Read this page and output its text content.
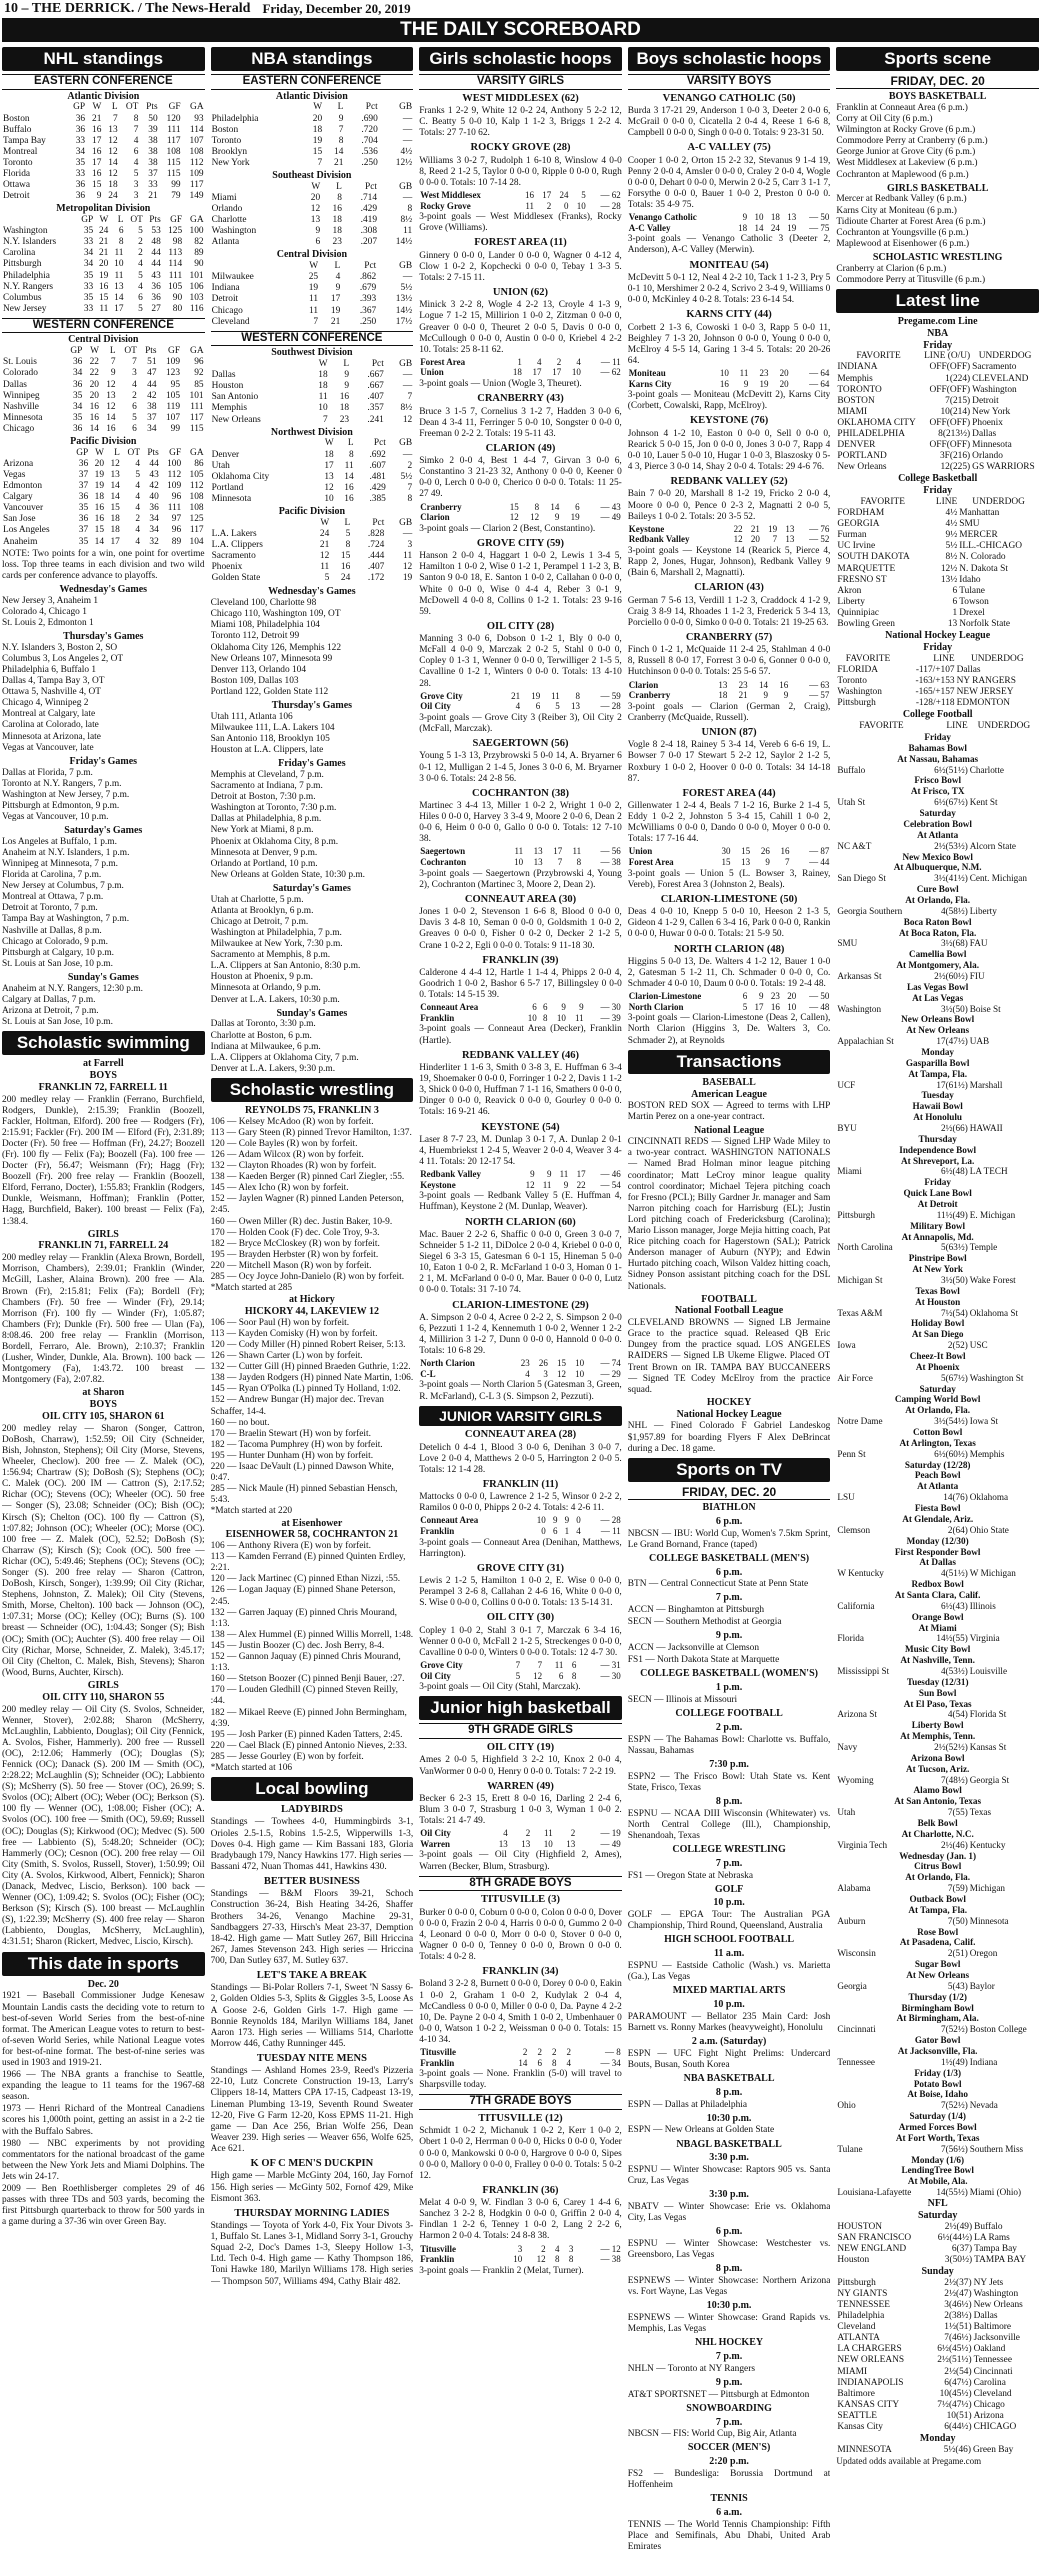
10 – THE DERRICK. / The News-Herald Friday, December 20, 2019
THE DAILY SCOREBOARD
NHL standings
EASTERN CONFERENCE
Atlantic Division
	GP	W	L	OT	Pts	GF	GA
Boston	36	21	7	8	50	120	93
Buffalo	36	16	13	7	39	111	114
Tampa Bay	33	17	12	4	38	117	107
Montreal	34	16	12	6	38	108	108
Toronto	35	17	14	4	38	115	112
Florida	33	16	12	5	37	115	109
Ottawa	36	15	18	3	33	99	117
Detroit	36	9	24	3	21	79	149
Metropolitan Division
	GP	W	L	OT	Pts	GF	GA
Washington	35	24	6	5	53	125	100
N.Y. Islanders	33	21	8	2	48	98	82
Carolina	34	21	11	2	44	113	89
Pittsburgh	34	20	10	4	44	114	90
Philadelphia	35	19	11	5	43	111	101
N.Y. Rangers	33	16	13	4	36	105	106
Columbus	35	15	14	6	36	90	103
New Jersey	33	11	17	5	27	80	116
WESTERN CONFERENCE
Central Division
	GP	W	L	OT	Pts	GF	GA
St. Louis	36	22	7	7	51	109	96
Colorado	34	22	9	3	47	123	92
Dallas	36	20	12	4	44	95	85
Winnipeg	35	20	13	2	42	105	101
Nashville	34	16	12	6	38	119	111
Minnesota	35	16	14	5	37	107	117
Chicago	36	14	16	6	34	99	115
Pacific Division
	GP	W	L	OT	Pts	GF	GA
Arizona	36	20	12	4	44	100	86
Vegas	37	19	13	5	43	112	105
Edmonton	37	19	14	4	42	109	112
Calgary	36	18	14	4	40	96	108
Vancouver	35	16	15	4	36	111	108
San Jose	36	16	18	2	34	97	125
Los Angeles	37	15	18	4	34	96	117
Anaheim	35	14	17	4	32	89	104
NOTE: Two points for a win, one point for overtime loss. Top three teams in each division and two wild cards per conference advance to playoffs.
Wednesday's Games
New Jersey 3, Anaheim 1
Colorado 4, Chicago 1
St. Louis 2, Edmonton 1
Thursday's Games
N.Y. Islanders 3, Boston 2, SO
Columbus 3, Los Angeles 2, OT
Philadelphia 6, Buffalo 1
Dallas 4, Tampa Bay 3, OT
Ottawa 5, Nashville 4, OT
Chicago 4, Winnipeg 2
Montreal at Calgary, late
Carolina at Colorado, late
Minnesota at Arizona, late
Vegas at Vancouver, late
Friday's Games
Dallas at Florida, 7 p.m.
Toronto at N.Y. Rangers, 7 p.m.
Washington at New Jersey, 7 p.m.
Pittsburgh at Edmonton, 9 p.m.
Vegas at Vancouver, 10 p.m.
Saturday's Games
Los Angeles at Buffalo, 1 p.m.
Anaheim at N.Y. Islanders, 1 p.m.
Winnipeg at Minnesota, 7 p.m.
Florida at Carolina, 7 p.m.
New Jersey at Columbus, 7 p.m.
Montreal at Ottawa, 7 p.m.
Detroit at Toronto, 7 p.m.
Tampa Bay at Washington, 7 p.m.
Nashville at Dallas, 8 p.m.
Chicago at Colorado, 9 p.m.
Pittsburgh at Calgary, 10 p.m.
St. Louis at San Jose, 10 p.m.
Sunday's Games
Anaheim at N.Y. Rangers, 12:30 p.m.
Calgary at Dallas, 7 p.m.
Arizona at Detroit, 7 p.m.
St. Louis at San Jose, 10 p.m.
Scholastic swimming
at Farrell
BOYS
FRANKLIN 72, FARRELL 11
200 medley relay — Franklin (Ferrano, Burchfield, Rodgers, Dunkle), 2:15.39; Franklin (Boozell, Fackler, Holtman, Elford). 200 free — Rodgers (Fr), 2:15.91; Fackler (Fr). 200 IM — Elford (Fr), 2:31.89; Docter (Fr). 50 free — Hoffman (Fr), 24.27; Boozell (Fr). 100 fly — Felix (Fa); Boozell (Fa). 100 free — Docter (Fr), 56.47; Weismann (Fr); Hagg (Fr); Boozell (Fr). 200 free relay — Franklin (Boozell, Elford, Ferrano, Docter), 1:55.83; Franklin (Rodgers, Dunkle, Weismann, Hoffman); Franklin (Potter, Hagg, Burchfield, Baker). 100 breast — Felix (Fa), 1:38.4.
GIRLS
FRANKLIN 71, FARRELL 24
200 medley relay — Franklin (Alexa Brown, Bordell, Morrison, Chambers), 2:39.01; Franklin (Winder, McGill, Lasher, Alaina Brown). 200 free — Ala. Brown (Fr), 2:15.81; Felix (Fa); Bordell (Fr); Chambers (Fr). 50 free — Winder (Fr), 29.14; Morrison (Fr). 100 fly — Winder (Fr), 1:05.87; Chambers (Fr); Dunkle (Fr). 500 free — Ulan (Fa), 8:08.46. 200 free relay — Franklin (Morrison, Bordell, Ferraro, Ale. Brown), 2:10.37; Franklin (Lusher, Winder, Dunkle, Ala. Brown). 100 back — Montgomery (Fa), 1:43.72. 100 breast — Montgomery (Fa), 2:07.82.
at Sharon
BOYS
OIL CITY 105, SHARON 61
200 medley relay — Sharon (Songer, Cattron, DoBosh, Charraw), 1:52.59; Oil City (Schneider, Bish, Johnston, Stephens); Oil City (Morse, Stevens, Wheeler, Checlow). 200 free — Z. Malek (OC), 1:56.94; Chartraw (S); DoBosh (S); Stephens (OC); C. Malek (OC). 200 IM — Cattron (S), 2:17.52; Richar (OC); Stevens (OC); Wheeler (OC). 50 free — Songer (S), 23.08; Schneider (OC); Bish (OC); Kirsch (S); Chelton (OC). 100 fly — Cattron (S), 1:07.82; Johnson (OC); Wheeler (OC); Morse (OC). 100 free — Z. Malek (OC), 52.52; DoBosh (S); Charraw (S); Kirsch (S); Cook (OC). 500 free — Richar (OC), 5:49.46; Stephens (OC); Stevens (OC); Songer (S). 200 free relay — Sharon (Cattron, DoBosh, Kirsch, Songer), 1:39.99; Oil City (Richar, Stephens, Johnston, Z. Malek); Oil City (Stevens, Smith, Morse, Chelton). 100 back — Johnson (OC), 1:07.31; Morse (OC); Kelley (OC); Burns (S). 100 breast — Schneider (OC), 1:04.43; Songer (S); Bish (OC); Smith (OC); Auchter (S). 400 free relay — Oil City (Richar, Morse, Schneider, Z. Malek), 3:45.17; Oil City (Chelton, C. Malek, Bish, Stevens); Sharon (Wood, Burns, Auchter, Kirsch).
GIRLS
OIL CITY 110, SHARON 55
200 medley relay — Oil City (S. Svolos, Schneider, Wenner, Stover), 2:02.88; Sharon (McSherry, McLaughlin, Labbiento, Douglas); Oil City (Fennick, A. Svolos, Fisher, Hammerly). 200 free — Russell (OC), 2:12.06; Hammerly (OC); Douglas (S); Fennick (OC); Danack (S). 200 IM — Smith (OC), 2:28.22; McLaughlin (S); Schneider (OC); Labbiento (S); McSherry (S). 50 free — Stover (OC), 26.99; S. Svolos (OC); Albert (OC); Weber (OC); Berkson (S). 100 fly — Wenner (OC), 1:08.00; Fisher (OC); A. Svolos (OC). 100 free — Smith (OC), 59.69; Russell (OC); Douglas (S); Kirkwood (OC); Medvec (S). 500 free — Labbiento (S), 5:48.20; Schneider (OC); Hammerly (OC); Cesnon (OC). 200 free relay — Oil City (Smith, S. Svolos, Russell, Stover), 1:50.99; Oil City (A. Svolos, Kirkwood, Albert, Fennick); Sharon (Danack, Medvec, Liscio, Berkson). 100 back — Wenner (OC), 1:09.42; S. Svolos (OC); Fisher (OC); Berkson (S); Kirsch (S). 100 breast — McLaughlin (S), 1:22.39; McSherry (S). 400 free relay — Sharon (Labbiento, Douglas, McSherry, McLaughlin), 4:31.51; Sharon (Rickert, Medvec, Liscio, Kirsch).
This date in sports
Dec. 20
1921 — Baseball Commissioner Judge Kenesaw Mountain Landis casts the deciding vote to return to best-of-seven World Series from the best-of-nine format. The American League votes to return to best-of-seven World Series, while National League votes for best-of-nine format. The best-of-nine series was used in 1903 and 1919-21.
1966 — The NBA grants a franchise to Seattle, expanding the league to 11 teams for the 1967-68 season.
1973 — Henri Richard of the Montreal Canadiens scores his 1,000th point, getting an assist in a 2-2 tie with the Buffalo Sabres.
1980 — NBC experiments by not providing commentators for the national broadcast of the game between the New York Jets and Miami Dolphins. The Jets win 24-17.
2009 — Ben Roethlisberger completes 29 of 46 passes with three TDs and 503 yards, becoming the first Pittsburgh quarterback to throw for 500 yards in a game during a 37-36 win over Green Bay.
NBA standings
EASTERN CONFERENCE
Atlantic Division
	W	L	Pct	GB
Philadelphia	20	9	.690	—
Boston	18	7	.720	—
Toronto	19	8	.704	—
Brooklyn	15	14	.536	4½
New York	7	21	.250	12½
Southeast Division
	W	L	Pct	GB
Miami	20	8	.714	—
Orlando	12	16	.429	8
Charlotte	13	18	.419	8½
Washington	9	18	.308	11
Atlanta	6	23	.207	14½
Central Division
	W	L	Pct	GB
Milwaukee	25	4	.862	—
Indiana	19	9	.679	5½
Detroit	11	17	.393	13½
Chicago	11	19	.367	14½
Cleveland	7	21	.250	17½
WESTERN CONFERENCE
Southwest Division
	W	L	Pct	GB
Dallas	18	9	.667	—
Houston	18	9	.667	—
San Antonio	11	16	.407	7
Memphis	10	18	.357	8½
New Orleans	7	23	.241	12
Northwest Division
	W	L	Pct	GB
Denver	18	8	.692	—
Utah	17	11	.607	2
Oklahoma City	13	14	.481	5½
Portland	12	16	.429	7
Minnesota	10	16	.385	8
Pacific Division
	W	L	Pct	GB
L.A. Lakers	24	5	.828	—
L.A. Clippers	21	8	.724	3
Sacramento	12	15	.444	11
Phoenix	11	16	.407	12
Golden State	5	24	.172	19
Wednesday's Games
Cleveland 100, Charlotte 98
Chicago 110, Washington 109, OT
Miami 108, Philadelphia 104
Toronto 112, Detroit 99
Oklahoma City 126, Memphis 122
New Orleans 107, Minnesota 99
Denver 113, Orlando 104
Boston 109, Dallas 103
Portland 122, Golden State 112
Thursday's Games
Utah 111, Atlanta 106
Milwaukee 111, L.A. Lakers 104
San Antonio 118, Brooklyn 105
Houston at L.A. Clippers, late
Friday's Games
Memphis at Cleveland, 7 p.m.
Sacramento at Indiana, 7 p.m.
Detroit at Boston, 7:30 p.m.
Washington at Toronto, 7:30 p.m.
Dallas at Philadelphia, 8 p.m.
New York at Miami, 8 p.m.
Phoenix at Oklahoma City, 8 p.m.
Minnesota at Denver, 9 p.m.
Orlando at Portland, 10 p.m.
New Orleans at Golden State, 10:30 p.m.
Saturday's Games
Utah at Charlotte, 5 p.m.
Atlanta at Brooklyn, 6 p.m.
Chicago at Detroit, 7 p.m.
Washington at Philadelphia, 7 p.m.
Milwaukee at New York, 7:30 p.m.
Sacramento at Memphis, 8 p.m.
L.A. Clippers at San Antonio, 8:30 p.m.
Houston at Phoenix, 9 p.m.
Minnesota at Orlando, 9 p.m.
Denver at L.A. Lakers, 10:30 p.m.
Sunday's Games
Dallas at Toronto, 3:30 p.m.
Charlotte at Boston, 6 p.m.
Indiana at Milwaukee, 6 p.m.
L.A. Clippers at Oklahoma City, 7 p.m.
Denver at L.A. Lakers, 9:30 p.m.
Scholastic wrestling
REYNOLDS 75, FRANKLIN 3
106 — Kelsey McAdoo (R) won by forfeit.
113 — Gary Steen (R) pinned Trevor Hamilton, 1:37.
120 — Cole Bayles (R) won by forfeit.
126 — Adam Wilcox (R) won by forfeit.
132 — Clayton Rhoades (R) won by forfeit.
138 — Kaeden Berger (R) pinned Carl Ziegler, :55.
145 — Alex Icho (R) won by forfeit.
152 — Jaylen Wagner (R) pinned Landen Peterson, 2:45.
160 — Owen Miller (R) dec. Justin Baker, 10-9.
170 — Holden Cook (F) dec. Cole Troy, 9-3.
182 — Bryce McCloskey (R) won by forfeit.
195 — Brayden Herbster (R) won by forfeit.
220 — Mitchell Mason (R) won by forfeit.
285 — Ocy Joyce John-Danielo (R) won by forfeit.
*Match started at 285
at Hickory
HICKORY 44, LAKEVIEW 12
106 — Soor Paul (H) won by forfeit.
113 — Kayden Comisky (H) won by forfeit.
120 — Cody Miller (H) pinned Robert Reiser, 5:13.
126 — Shawn Carter (L) won by forfeit.
132 — Cutter Gill (H) pinned Braeden Guthrie, 1:22.
138 — Jayden Rodgers (H) pinned Nate Martin, 1:06.
145 — Ryan O'Polka (L) pinned Ty Holland, 1:02.
152 — Andrew Bungar (H) major dec. Trevan Schaffer, 14-4.
160 — no bout.
170 — Braelin Stewart (H) won by forfeit.
182 — Tacoma Pumphrey (H) won by forfeit.
195 — Hunter Dunham (H) won by forfeit.
220 — Isaac DeVault (L) pinned Dawson White, 0:47.
285 — Nick Maule (H) pinned Sebastian Hensch, 5:43.
*Match started at 220
at Eisenhower
EISENHOWER 58, COCHRANTON 21
106 — Anthony Rivera (E) won by forfeit.
113 — Kamden Ferrand (E) pinned Quinten Erdley, 2:21.
120 — Jack Martinec (C) pinned Ethan Nizzi, :55.
126 — Logan Jaquay (E) pinned Shane Peterson, 2:45.
132 — Garren Jaquay (E) pinned Chris Mourand, 1:13.
138 — Alex Hummel (E) pinned Willis Morrell, 1:48.
145 — Justin Boozer (C) dec. Josh Berry, 8-4.
152 — Gannon Jaquay (E) pinned Chris Mourand, 1:13.
160 — Stetson Boozer (C) pinned Benji Bauer, :27.
170 — Louden Gledhill (C) pinned Steven Reilly, :44.
182 — Mikael Reeve (E) pinned John Bermingham, 4:39.
195 — Josh Parker (E) pinned Kaden Tatters, 2:45.
220 — Cael Black (E) pinned Antonio Nieves, 2:33.
285 — Jesse Gourley (E) won by forfeit.
*Match started at 106
Local bowling
LADYBIRDS
Standings — Towhees 4-0, Hummingbirds 3-1, Orioles 2.5-1.5, Robins 1.5-2.5, Wipperwills 1-3, Doves 0-4. High game — Kim Bassani 183, Gloria Bradybaugh 179, Nancy Hawkins 177. High series — Bassani 472, Nuan Thomas 441, Hawkins 430.
BETTER BUSINESS
Standings — B&M Floors 39-21, Schoch Construction 36-24, Bish Heating 34-26, Shaffer Brothers 34-26, Venango Machine 29-31, Sandbaggers 27-33, Hirsch's Meat 23-37, Demption 18-42. High game — Matt Sutley 267, Bill Hriccina 267, James Stevenson 243. High series — Hriccina 700, Dan Sutley 637, M. Sutley 637.
LET'S TAKE A BREAK
Standings — Bi-Polar Rollers 7-1, Sweet 'N Sassy 6-2, Golden Oldies 5-3, Splits & Giggles 3-5, Loose As A Goose 2-6, Golden Girls 1-7. High game — Bonnie Reynolds 184, Marilyn Williams 184, Janet Aaron 173. High series — Williams 514, Charlotte Morrow 446, Cathy Runninger 445.
TUESDAY NITE MENS
Standings — Ashland Homes 23-9, Reed's Pizzeria 22-10, Lutz Concrete Construction 19-13, Larry's Clippers 18-14, Matters CPA 17-15, Cadpeast 13-19, Lineman Plumbing 13-19, Seventh Round Sweater 12-20, Five G Farm 12-20, Koss EPMS 11-21. High game — Dan Ace 256, Brian Wolfe 256, Dean Weaver 239. High series — Weaver 656, Wolfe 625, Ace 621.
K OF C MEN'S DUCKPIN
High game — Marble McGinty 204, 160, Jay Fornof 156. High series — McGinty 502, Fornof 429, Mike Eismont 363.
THURSDAY MORNING LADIES
Standings — Toyota of York 4-0, Fix Your Divots 3-1, Buffalo St. Lanes 3-1, Midland Sorry 3-1, Grouchy Squad 2-2, Doc's Dames 1-3, Sleepy Hollow 1-3, Ltd. Tech 0-4. High game — Kathy Thompson 186, Toni Hawke 180, Marilyn Williams 178. High series — Thompson 507, Williams 494, Cathy Blair 482.
Girls scholastic hoops
VARSITY GIRLS
WEST MIDDLESEX (62)
Franks 1 2-2 9, White 12 0-2 24, Anthony 5 2-2 12, C. Beatty 5 0-0 10, Kalp 1 1-2 3, Briggs 1 2-2 4. Totals: 27 7-10 62.
ROCKY GROVE (28)
Williams 3 0-2 7, Rudolph 1 6-10 8, Winslow 4 0-0 8, Reed 2 1-2 5, Taylor 0 0-0 0, Ripple 0 0-0 0, Rugh 0 0-0 0. Totals: 10 7-14 28.
West Middlesex	16	17	24	5	— 62
Rocky Grove	11	2	0	10	— 28
3-point goals — West Middlesex (Franks), Rocky Grove (Williams).
FOREST AREA (11)
Ginnery 0 0-0 0, Lander 0 0-0 0, Wagner 0 4-12 4, Clow 1 0-2 2, Kopchecki 0 0-0 0, Tebay 1 3-3 5. Totals: 2 7-15 11.
UNION (62)
Minick 3 2-2 8, Wogle 4 2-2 13, Croyle 4 1-3 9, Logue 7 1-2 15, Millirion 1 0-0 2, Zitzman 0 0-0 0, Greaver 0 0-0 0, Theuret 2 0-0 5, Davis 0 0-0 0, McCullough 0 0-0 0, Austin 0 0-0 0, Kriebel 4 2-2 10. Totals: 25 8-11 62.
Forest Area	1	4	2	4	— 11
Union	18	17	17	10	— 62
3-point goals — Union (Wogle 3, Theuret).
CRANBERRY (43)
Bruce 3 1-5 7, Cornelius 3 1-2 7, Hadden 3 0-0 6, Dean 4 3-4 11, Ferringer 5 0-0 10, Songster 0 0-0 0, Freeman 0 2-2 2. Totals: 19 5-11 43.
CLARION (49)
Simko 2 0-0 4, Best 1 4-4 7, Girvan 3 0-0 6, Constantino 3 21-23 32, Anthony 0 0-0 0, Keener 0 0-0 0, Lerch 0 0-0 0, Cherico 0 0-0 0. Totals: 11 25-27 49.
Cranberry	15	8	14	6	— 43
Clarion	12	12	9	19	— 49
3-point goals — Clarion 2 (Best, Constantino).
GROVE CITY (59)
Hanson 2 0-0 4, Haggart 1 0-0 2, Lewis 1 3-4 5, Hamilton 1 0-0 2, Wise 0 1-2 1, Perampel 1 1-2 3, B. Santon 9 0-0 18, E. Santon 1 0-0 2, Callahan 0 0-0 0, White 0 0-0 0, Wise 0 4-4 4, Reber 3 0-1 9, McDowell 4 0-0 8, Collins 0 1-2 1. Totals: 23 9-16 59.
OIL CITY (28)
Manning 3 0-0 6, Dobson 0 1-2 1, Bly 0 0-0 0, McFall 4 0-0 9, Marczak 2 0-2 5, Stahl 0 0-0 0, Copley 0 1-3 1, Wenner 0 0-0 0, Terwilliger 2 1-5 5, Cavalline 0 1-2 1, Winters 0 0-0 0. Totals: 13 4-10 28.
Grove City	21	19	11	8	— 59
Oil City	4	6	5	13	— 28
3-point goals — Grove City 3 (Reiber 3), Oil City 2 (McFall, Marczak).
SAEGERTOWN (56)
Young 5 1-3 13, Przybrowski 5 0-0 14, A. Bryarner 6 0-1 12, Mulligan 2 1-4 5, Jones 3 0-0 6, M. Bryarner 3 0-0 6. Totals: 24 2-8 56.
COCHRANTON (38)
Martinec 3 4-4 13, Miller 1 0-2 2, Wright 1 0-0 2, Hiles 0 0-0 0, Harvey 3 3-4 9, Moore 2 0-0 6, Dean 2 0-0 6, Heim 0 0-0 0, Gallo 0 0-0 0. Totals: 12 7-10 38.
Saegertown	11	13	17	11	— 56
Cochranton	10	13	7	8	— 38
3-point goals — Saegertown (Przybrowski 4, Young 2), Cochranton (Martinec 3, Moore 2, Dean 2).
CONNEAUT AREA (30)
Jones 1 0-0 2, Stevenson 1 6-6 8, Blood 0 0-0 0, Davis 3 4-8 10, Seman 0 0-0 0, Goldsmith 1 0-0 2, Greaves 0 0-0 0, Fisher 0 0-2 0, Decker 2 1-2 5, Crane 1 0-2 2, Egli 0 0-0 0. Totals: 9 11-18 30.
FRANKLIN (39)
Calderone 4 4-4 12, Hartle 1 1-4 4, Phipps 2 0-0 4, Goodrich 1 0-0 2, Bashor 6 5-7 17, Billingsley 0 0-0 0. Totals: 14 5-15 39.
Conneaut Area	6	6	9	9	— 30
Franklin	10	8	10	11	— 39
3-point goals — Conneaut Area (Decker), Franklin (Hartle).
REDBANK VALLEY (46)
Hinderliter 1 1-6 3, Smith 0 3-8 3, E. Huffman 6 3-4 19, Shoemaker 0 0-0 0, Forringer 1 0-2 2, Davis 1 1-2 3, Shick 0 0-0 0, Huffman 7 1-1 16, Smathers 0 0-0 0, Dinger 0 0-0 0, Reavick 0 0-0 0, Gourley 0 0-0 0. Totals: 16 9-21 46.
KEYSTONE (54)
Laser 8 7-7 23, M. Dunlap 3 0-1 7, A. Dunlap 2 0-1 4, Huembriekst 1 2-4 5, Weaver 2 0-0 4, Weaver 3 4-4 11. Totals: 20 12-17 54.
Redbank Valley	9	9	11	17	— 46
Keystone	12	11	9	22	— 54
3-point goals — Redbank Valley 5 (E. Huffman 4, Huffman), Keystone 2 (M. Dunlap, Weaver).
NORTH CLARION (60)
Mac. Bauer 2 2-2 6, Shaffic 0 0-0 0, Green 3 0-0 7, Schneider 5 1-2 11, DiDolce 2 0-0 4, Kriebel 0 0-0 0, Siegel 6 3-3 15, Gatesman 6 0-1 15, Hineman 5 0-0 10, Eaton 1 0-0 2, R. McFarland 1 0-0 3, Homan 0 1-2 1, M. McFarland 0 0-0 0, Mar. Bauer 0 0-0 0, Lutz 0 0-0 0. Totals: 31 7-10 74.
CLARION-LIMESTONE (29)
A. Simpson 2 0-0 4, Acree 0 2-2 2, S. Simpson 2 0-0 6, Pezzuti 1 1-2 4, Kennemuth 1 0-0 2, Wenner 1 2-2 4, Millirion 3 1-2 7, Dunn 0 0-0 0, Hannold 0 0-0 0. Totals: 10 6-8 29.
North Clarion	23	26	15	10	— 74
C-L	4	3	12	10	— 29
3-point goals — North Clarion 5 (Gatesman 3, Green, R. McFarland), C-L 3 (S. Simpson 2, Pezzuti).
JUNIOR VARSITY GIRLS
CONNEAUT AREA (28)
Detelich 0 4-4 1, Blood 3 0-0 6, Denihan 3 0-0 7, Love 2 0-0 4, Matthews 2 0-0 5, Harrington 2 0-0 5. Totals: 12 1-4 28.
FRANKLIN (11)
Mattocks 0 0-0 0, Lawrence 2 1-2 5, Winsor 0 2-2 2, Ramilos 0 0-0 0, Phipps 2 0-2 4. Totals: 4 2-6 11.
Conneaut Area	10	9	9	0	— 28
Franklin	0	6	1	4	— 11
3-point goals — Conneaut Area (Denihan, Matthews, Harrington).
GROVE CITY (31)
Lewis 2 1-2 5, Hamilton 1 0-0 2, E. Wise 0 0-0 0, Perampel 3 2-6 8, Callahan 2 4-6 16, White 0 0-0 0, S. Wise 0 0-0 0, Collins 0 0-0 0. Totals: 13 5-14 31.
OIL CITY (30)
Copley 1 0-0 2, Stahl 3 0-1 7, Marczak 6 3-4 16, Wenner 0 0-0 0, McFall 2 1-2 5, Streckenges 0 0-0 0, Cavalline 0 0-0 0, Winters 0 0-0 0. Totals: 12 4-7 30.
Grove City	7	7	11	6	— 31
Oil City	5	12	6	8	— 30
3-point goals — Oil City (Stahl, Marczak).
Junior high basketball
9TH GRADE GIRLS
OIL CITY (19)
Ames 2 0-0 5, Highfield 3 2-2 10, Knox 2 0-0 4, VanWormer 0 0-0 0, Henry 0 0-0 0. Totals: 7 2-2 19.
WARREN (49)
Becker 6 2-3 15, Erett 8 0-0 16, Darling 2 2-4 6, Blum 3 0-0 7, Strasburg 1 0-0 3, Wyman 1 0-0 2. Totals: 21 4-7 49.
Oil City	4	2	11	2	— 19
Warren	13	13	10	13	— 49
3-point goals — Oil City (Highfield 2, Ames), Warren (Becker, Blum, Strasburg).
8TH GRADE BOYS
TITUSVILLE (3)
Burker 0 0-0 0, Coburn 0 0-0 0, Colon 0 0-0 0, Dover 0 0-0 0, Frazin 2 0-0 4, Harris 0 0-0 0, Gummo 2 0-0 4, Leonard 0 0-0 0, Morr 0 0-0 0, Stover 0 0-0 0, Wagner 0 0-0 0, Tenney 0 0-0 0, Brown 0 0-0 0. Totals: 4 0-2 8.
FRANKLIN (34)
Boland 3 2-2 8, Burnett 0 0-0 0, Dorey 0 0-0 0, Eakin 1 0-0 2, Graham 1 0-0 2, Kudylak 2 0-4 4, McCandless 0 0-0 0, Miller 0 0-0 0, Da. Payne 4 2-2 10, De. Payne 2 0-0 4, Smith 1 0-0 2, Umbenhauer 0 0-0 0, Watson 1 0-2 2, Weissman 0 0-0 0. Totals: 15 4-10 34.
Titusville	2	2	2	2	— 8
Franklin	14	6	8	4	— 34
3-point goals — None. Franklin (5-0) will travel to Sharpsville today.
7TH GRADE BOYS
TITUSVILLE (12)
Schmidt 1 0-2 2, Michanuk 1 0-2 2, Kerr 1 0-0 2, Obert 1 0-0 2, Herrman 0 0-0 0, Hicks 0 0-0 0, Yoder 0 0-0 0, Mankowski 0 0-0 0, Hargrove 0 0-0 0, Sipes 0 0-0 0, Mallory 0 0-0 0, Fralley 0 0-0 0. Totals: 5 0-2 12.
FRANKLIN (36)
Melat 4 0-0 9, W. Findlan 3 0-0 6, Carey 1 4-4 6, Sanchez 3 2-2 8, Hodgkin 0 0-0 0, Griffin 2 0-0 4, Findlan 1 2-2 6, Tenney 1 0-0 2, Lang 2 2-2 6, Harmon 2 0-0 4. Totals: 24 8-8 38.
Titusville	3	2	4	3	— 12
Franklin	10	12	8	8	— 38
3-point goals — Franklin 2 (Melat, Turner).
Boys scholastic hoops
VARSITY BOYS
VENANGO CATHOLIC (50)
Burda 3 17-21 29, Anderson 1 0-0 3, Deeter 2 0-0 6, McGrail 0 0-0 0, Cicatella 2 0-4 4, Reese 1 6-6 8, Campbell 0 0-0 0, Singh 0 0-0 0. Totals: 9 23-31 50.
A-C VALLEY (75)
Cooper 1 0-0 2, Orton 15 2-2 32, Stevanus 9 1-4 19, Penny 2 0-0 4, Amsler 0 0-0 0, Craley 2 0-0 4, Wogle 0 0-0 0, Dehart 0 0-0 0, Merwin 2 0-2 5, Carr 3 1-1 7, Forsythe 0 0-0 0, Bauer 1 0-0 2, Preston 0 0-0 0. Totals: 35 4-9 75.
Venango Catholic	9	10	18	13	— 50
A-C Valley	18	14	24	19	— 75
3-point goals — Venango Catholic 3 (Deeter 2, Anderson), A-C Valley (Merwin).
MONITEAU (54)
McDevitt 5 0-1 12, Neal 4 2-2 10, Tack 1 1-2 3, Pry 5 0-1 10, Mershimer 2 0-2 4, Scrivo 2 3-4 9, Williams 0 0-0 0, McKinley 4 0-2 8. Totals: 23 6-14 54.
KARNS CITY (44)
Corbett 2 1-3 6, Cowoski 1 0-0 3, Rapp 5 0-0 11, Beighley 7 1-3 20, Johnson 0 0-0 0, Young 0 0-0 0, McElroy 4 5-5 14, Garing 1 3-4 5. Totals: 20 20-26 64.
Moniteau	10	11	23	20	— 64
Karns City	16	9	19	20	— 64
3-point goals — Moniteau (McDevitt 2), Karns City (Corbett, Cowalski, Rapp, McElroy).
KEYSTONE (76)
Johnson 4 1-2 10, Easton 0 0-0 0, Sell 0 0-0 0, Rearick 5 0-0 15, Jon 0 0-0 0, Jones 3 0-0 7, Rapp 4 0-0 10, Lauer 5 0-0 10, Hugar 1 0-0 3, Blaszosky 0 5-4 3, Pierce 3 0-0 14, Shay 2 0-0 4. Totals: 29 4-6 76.
REDBANK VALLEY (52)
Bain 7 0-0 20, Marshall 8 1-2 19, Fricko 2 0-0 4, Moore 0 0-0 0, Pence 0 2-3 2, Magnatti 2 0-0 5, Baileys 1 0-0 2. Totals: 20 3-5 52.
Keystone	22	21	19	13	— 76
Redbank Valley	12	20	7	13	— 52
3-point goals — Keystone 14 (Rearick 5, Pierce 4, Rapp 2, Jones, Hugar, Johnson), Redbank Valley 9 (Bain 6, Marshall 2, Magnatti).
CLARION (43)
German 7 5-6 13, Verdill 1 1-2 3, Craddock 4 1-2 9, Craig 3 8-9 14, Rhoades 1 1-2 3, Frederick 5 3-4 13, Porciello 0 0-0 0, Simko 0 0-0 0. Totals: 21 19-25 63.
CRANBERRY (57)
Finch 0 1-2 1, McQuaide 11 2-4 25, Stahlman 4 0-0 8, Russell 8 0-0 17, Forrest 3 0-0 6, Gonner 0 0-0 0, Hutchinson 0 0-0 0. Totals: 25 5-6 57.
Clarion	13	23	14	16	— 63
Cranberry	18	21	9	9	— 57
3-point goals — Clarion (German 2, Craig), Cranberry (McQuaide, Russell).
UNION (87)
Vogle 8 2-4 18, Rainey 5 3-4 14, Vereb 6 6-6 19, L. Bowser 7 0-0 17 Stewart 5 2-2 12, Saylor 2 1-2 5, Roxbury 1 0-0 2, Hoover 0 0-0 0. Totals: 34 14-18 87.
FOREST AREA (44)
Gillenwater 1 2-4 4, Beals 7 1-2 16, Burke 2 1-4 5, Eddy 1 0-2 2, Johnston 5 3-4 15, Cahill 1 0-0 2, McWilliams 0 0-0 0, Dando 0 0-0 0, Moyer 0 0-0 0. Totals: 17 7-16 44.
Union	30	15	26	16	— 87
Forest Area	15	13	9	7	— 44
3-point goals — Union 5 (L. Bowser 3, Rainey, Vereb), Forest Area 3 (Johnston 2, Beals).
CLARION-LIMESTONE (50)
Deas 4 0-0 10, Knepp 5 0-0 10, Heeson 2 1-3 5, Gideon 4 1-2 9, Callen 6 3-4 16, Park 0 0-0 0, Rankin 0 0-0 0, Huwar 0 0-0 0. Totals: 21 5-9 50.
NORTH CLARION (48)
Higgins 5 0-0 13, De. Walters 4 1-2 12, Bauer 1 0-0 2, Gatesman 5 1-2 11, Ch. Schmader 0 0-0 0, Co. Schmader 4 0-0 10, Daum 0 0-0 0. Totals: 19 2-4 48.
Clarion-Limestone	6	9	23	20	— 50
North Clarion	5	17	16	10	— 48
3-point goals — Clarion-Limestone (Deas 2, Callen), North Clarion (Higgins 3, De. Walters 3, Co. Schmader 2), at Reynolds
Transactions
BASEBALL
American League
BOSTON RED SOX — Agreed to terms with LHP Martin Perez on a one-year contract.
National League
CINCINNATI REDS — Signed LHP Wade Miley to a two-year contract. WASHINGTON NATIONALS — Named Brad Holman minor league pitching coordinator; Matt LeCroy minor league quality control coordinator; Michael Tejera pitching coach for Fresno (PCL); Billy Gardner Jr. manager and Sam Narron pitching coach for Harrisburg (EL); Justin Lord pitching coach of Fredericksburg (Carolina); Mario Lisson manager, Jorge Mejia hitting coach, Pat Rice pitching coach for Hagerstown (SAL); Patrick Anderson manager of Auburn (NYP); and Edwin Hurtado pitching coach, Wilson Valdez hitting coach, Sidney Ponson assistant pitching coach for the DSL Nationals.
FOOTBALL
National Football League
CLEVELAND BROWNS — Signed LB Jermaine Grace to the practice squad. Released QB Eric Dungey from the practice squad. LOS ANGELES RAIDERS — Signed LB Ukeme Eligwe. Placed OT Trent Brown on IR. TAMPA BAY BUCCANEERS — Signed TE Codey McElroy from the practice squad.
HOCKEY
National Hockey League
NHL — Fined Colorado F Gabriel Landeskog $1,957.89 for boarding Flyers F Alex DeBrincat during a Dec. 18 game.
Sports on TV
FRIDAY, DEC. 20
BIATHLON
6 p.m.
NBCSN — IBU: World Cup, Women's 7.5km Sprint, Le Grand Bornand, France (taped)
COLLEGE BASKETBALL (MEN'S)
6 p.m.
BTN — Central Connecticut State at Penn State
7 p.m.
ACCN — Binghamton at Pittsburgh
SECN — Southern Methodist at Georgia
9 p.m.
ACCN — Jacksonville at Clemson
FS1 — North Dakota State at Marquette
COLLEGE BASKETBALL (WOMEN'S)
1 p.m.
SECN — Illinois at Missouri
COLLEGE FOOTBALL
2 p.m.
ESPN — The Bahamas Bowl: Charlotte vs. Buffalo, Nassau, Bahamas
7:30 p.m.
ESPN2 — The Frisco Bowl: Utah State vs. Kent State, Frisco, Texas
8 p.m.
ESPNU — NCAA DIII Wisconsin (Whitewater) vs. North Central College (Ill.), Championship, Shenandoah, Texas
COLLEGE WRESTLING
7 p.m.
FS1 — Oregon State at Nebraska
GOLF
10 p.m.
GOLF — EPGA Tour: The Australian PGA Championship, Third Round, Queensland, Australia
HIGH SCHOOL FOOTBALL
11 a.m.
ESPNU — Eastside Catholic (Wash.) vs. Marietta (Ga.), Las Vegas
MIXED MARTIAL ARTS
10 p.m.
PARAMOUNT — Bellator 235 Main Card: Josh Barnett vs. Ronny Markes (heavyweight), Honolulu
2 a.m. (Saturday)
ESPN — UFC Fight Night Prelims: Undercard Bouts, Busan, South Korea
NBA BASKETBALL
8 p.m.
ESPN — Dallas at Philadelphia
10:30 p.m.
ESPN — New Orleans at Golden State
NBAGL BASKETBALL
3:30 p.m.
ESPNU — Winter Showcase: Raptors 905 vs. Santa Cruz, Las Vegas
3:30 p.m.
NBATV — Winter Showcase: Erie vs. Oklahoma City, Las Vegas
6 p.m.
ESPNU — Winter Showcase: Westchester vs. Greensboro, Las Vegas
8 p.m.
ESPNEWS — Winter Showcase: Northern Arizona vs. Fort Wayne, Las Vegas
10:30 p.m.
ESPNEWS — Winter Showcase: Grand Rapids vs. Memphis, Las Vegas
NHL HOCKEY
7 p.m.
NHLN — Toronto at NY Rangers
9 p.m.
AT&T SPORTSNET — Pittsburgh at Edmonton
SNOWBOARDING
7 p.m.
NBCSN — FIS: World Cup, Big Air, Atlanta
SOCCER (MEN'S)
2:20 p.m.
FS2 — Bundesliga: Borussia Dortmund at Hoffenheim
TENNIS
6 a.m.
TENNIS — The World Tennis Championship: Fifth Place and Semifinals, Abu Dhabi, United Arab Emirates
Sports scene
FRIDAY, DEC. 20
BOYS BASKETBALL
Franklin at Conneaut Area (6 p.m.)
Corry at Oil City (6 p.m.)
Wilmington at Rocky Grove (6 p.m.)
Commodore Perry at Cranberry (6 p.m.)
George Junior at Grove City (6 p.m.)
West Middlesex at Lakeview (6 p.m.)
Cochranton at Maplewood (6 p.m.)
GIRLS BASKETBALL
Mercer at Redbank Valley (6 p.m.)
Karns City at Moniteau (6 p.m.)
Tidioute Charter at Forest Area (6 p.m.)
Cochranton at Youngsville (6 p.m.)
Maplewood at Eisenhower (6 p.m.)
SCHOLASTIC WRESTLING
Cranberry at Clarion (6 p.m.)
Commodore Perry at Titusville (6 p.m.)
Latest line
Pregame.com Line
NBA
Friday
FAVORITE	LINE (O/U)	UNDERDOG
INDIANA	OFF(OFF)	Sacramento
Memphis	1(224)	CLEVELAND
TORONTO	OFF(OFF)	Washington
BOSTON	7(215)	Detroit
MIAMI	10(214)	New York
OKLAHOMA CITY	OFF(OFF)	Phoenix
PHILADELPHIA	8(213½)	Dallas
DENVER	OFF(OFF)	Minnesota
PORTLAND	3F(216)	Orlando
New Orleans	12(225)	GS WARRIORS
College Basketball
Friday
FAVORITE	LINE	UNDERDOG
FORDHAM	4½	Manhattan
GEORGIA	4½	SMU
Furman	9½	MERCER
UC Irvine	5½	ILL.-CHICAGO
SOUTH DAKOTA	8½	N. Colorado
MARQUETTE	12½	N. Dakota St
FRESNO ST	13½	Idaho
Akron	6	Tulane
Liberty	6	Towson
Quinnipiac	1	Drexel
Bowling Green	13	Norfolk State
National Hockey League
Friday
FAVORITE	LINE	UNDERDOG
FLORIDA	-117/+107	Dallas
Toronto	-163/+153	NY RANGERS
Washington	-165/+157	NEW JERSEY
Pittsburgh	-128/+118	EDMONTON
College Football
FAVORITE	LINE	UNDERDOG
Friday		
Bahamas Bowl		
At Nassau, Bahamas		
Buffalo	6½(51½)	Charlotte
Frisco Bowl		
At Frisco, TX		
Utah St	6½(67½)	Kent St
Saturday		
Celebration Bowl		
At Atlanta		
NC A&T	2½(53½)	Alcorn State
New Mexico Bowl		
At Albuquerque, N.M.		
San Diego St	3½(41½)	Cent. Michigan
Cure Bowl		
At Orlando, Fla.		
Georgia Southern	4(58½)	Liberty
Boca Raton Bowl		
At Boca Raton, Fla.		
SMU	3½(68)	FAU
Camellia Bowl		
At Montgomery, Ala.		
Arkansas St	2½(60½)	FIU
Las Vegas Bowl		
At Las Vegas		
Washington	3½(50)	Boise St
New Orleans Bowl		
At New Orleans		
Appalachian St	17(47½)	UAB
Monday		
Gasparilla Bowl		
At Tampa, Fla.		
UCF	17(61½)	Marshall
Tuesday		
Hawaii Bowl		
At Honolulu		
BYU	2½(66)	HAWAII
Thursday		
Independence Bowl		
At Shreveport, La.		
Miami	6½(48)	LA TECH
Friday		
Quick Lane Bowl		
At Detroit		
Pittsburgh	11½(49)	E. Michigan
Military Bowl		
At Annapolis, Md.		
North Carolina	5(63½)	Temple
Pinstripe Bowl		
At New York		
Michigan St	3½(50)	Wake Forest
Texas Bowl		
At Houston		
Texas A&M	7½(54)	Oklahoma St
Holiday Bowl		
At San Diego		
Iowa	2(52)	USC
Cheez-It Bowl		
At Phoenix		
Air Force	5(67½)	Washington St
Saturday		
Camping World Bowl		
At Orlando, Fla.		
Notre Dame	3½(54½)	Iowa St
Cotton Bowl		
At Arlington, Texas		
Penn St	6½(60½)	Memphis
Saturday (12/28)		
Peach Bowl		
At Atlanta		
LSU	14(76)	Oklahoma
Fiesta Bowl		
At Glendale, Ariz.		
Clemson	2(64)	Ohio State
Monday (12/30)		
First Responder Bowl		
At Dallas		
W Kentucky	4(51½)	W Michigan
Redbox Bowl		
At Santa Clara, Calif.		
California	6½(43)	Illinois
Orange Bowl		
At Miami		
Florida	14½(55)	Virginia
Music City Bowl		
At Nashville, Tenn.		
Mississippi St	4(53½)	Louisville
Tuesday (12/31)		
Sun Bowl		
At El Paso, Texas		
Arizona St	4(54)	Florida St
Liberty Bowl		
At Memphis, Tenn.		
Navy	2½(52½)	Kansas St
Arizona Bowl		
At Tucson, Ariz.		
Wyoming	7(48½)	Georgia St
Alamo Bowl		
At San Antonio, Texas		
Utah	7(55)	Texas
Belk Bowl		
At Charlotte, N.C.		
Virginia Tech	2½(46)	Kentucky
Wednesday (Jan. 1)		
Citrus Bowl		
At Orlando, Fla.		
Alabama	7(59)	Michigan
Outback Bowl		
At Tampa, Fla.		
Auburn	7(50)	Minnesota
Rose Bowl		
At Pasadena, Calif.		
Wisconsin	2(51)	Oregon
Sugar Bowl		
At New Orleans		
Georgia	5(43)	Baylor
Thursday (1/2)		
Birmingham Bowl		
At Birmingham, Ala.		
Cincinnati	7(52½)	Boston College
Gator Bowl		
At Jacksonville, Fla.		
Tennessee	1½(49)	Indiana
Friday (1/3)		
Potato Bowl		
At Boise, Idaho		
Ohio	7(52½)	Nevada
Saturday (1/4)		
Armed Forces Bowl		
At Fort Worth, Texas		
Tulane	7(56½)	Southern Miss
Monday (1/6)		
LendingTree Bowl		
At Mobile, Ala.		
Louisiana-Lafayette	14(55½)	Miami (Ohio)
NFL
Saturday
HOUSTON	2½(49)	Buffalo
SAN FRANCISCO	6½(44½)	LA Rams
NEW ENGLAND	6(37)	Tampa Bay
Houston	3(50½)	TAMPA BAY
Sunday
Pittsburgh	2½(37)	NY Jets
NY GIANTS	2½(47)	Washington
TENNESSEE	3(46½)	New Orleans
Philadelphia	2(38½)	Dallas
Cleveland	1½(51)	Baltimore
ATLANTA	7(46½)	Jacksonville
LA CHARGERS	6½(45½)	Oakland
NEW ORLEANS	2½(51½)	Tennessee
MIAMI	2½(54)	Cincinnati
INDIANAPOLIS	6(47½)	Carolina
Baltimore	10(45½)	Cleveland
KANSAS CITY	7½(47½)	Chicago
SEATTLE	10(51)	Arizona
Kansas City	6(44½)	CHICAGO
Monday
MINNESOTA	5½(46)	Green Bay
Updated odds available at Pregame.com
